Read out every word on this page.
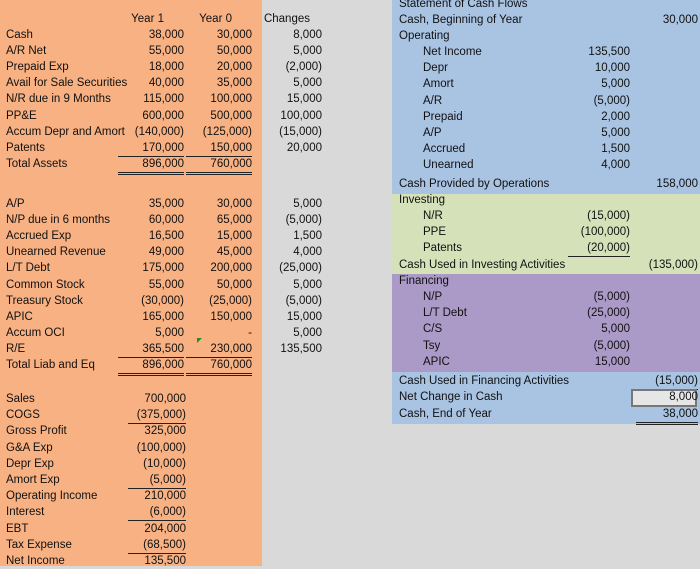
Year 1	Year 0	Changes
Cash	38,000	30,000	8,000
A/R Net	55,000	50,000	5,000
Prepaid Exp	18,000	20,000	(2,000)
Avail for Sale Securities	40,000	35,000	5,000
N/R due in 9 Months	115,000	100,000	15,000
PP&E	600,000	500,000	100,000
Accum Depr and Amort (140,000)	(125,000)	(15,000)
Patents	170,000	150,000	20,000
Total Assets	896,000	760,000
A/P	35,000	30,000	5,000
N/P due in 6 months	60,000	65,000	(5,000)
Accrued Exp	16,500	15,000	1,500
Unearned Revenue	49,000	45,000	4,000
L/T Debt	175,000	200,000	(25,000)
Common Stock	55,000	50,000	5,000
Treasury Stock	(30,000)	(25,000)	(5,000)
APIC	165,000	150,000	15,000
Accum OCI	5,000	-	5,000
R/E	365,500	230,000	135,500
Total Liab and Eq	896,000	760,000
Sales	700,000
COGS	(375,000)
Gross Profit	325,000
G&A Exp	(100,000)
Depr Exp	(10,000)
Amort Exp	(5,000)
Operating Income	210,000
Interest	(6,000)
EBT	204,000
Tax Expense	(68,500)
Net Income	135,500
Statement of Cash Flows
Cash, Beginning of Year	30,000
Operating
Net Income	135,500
Depr	10,000
Amort	5,000
A/R	(5,000)
Prepaid	2,000
A/P	5,000
Accrued	1,500
Unearned	4,000
Cash Provided by Operations	158,000
Investing
N/R	(15,000)
PPE	(100,000)
Patents	(20,000)
Cash Used in Investing Activities	(135,000)
Financing
N/P	(5,000)
L/T Debt	(25,000)
C/S	5,000
Tsy	(5,000)
APIC	15,000
Cash Used in Financing Activities	(15,000)
Net Change in Cash	8,000
Cash, End of Year	38,000
